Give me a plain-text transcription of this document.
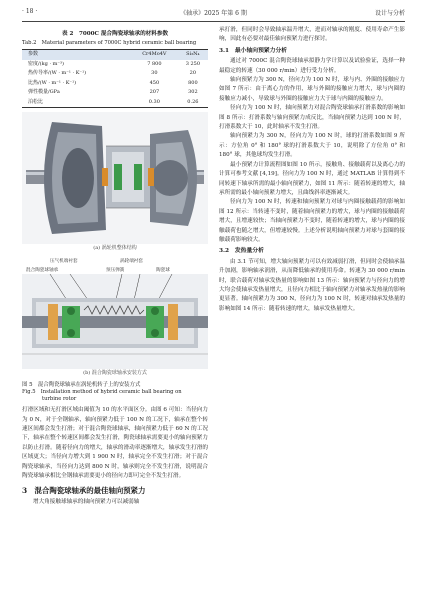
· 18 ·	《轴承》2025 年第 6 期	设计与分析
表 2　7000C 混合陶瓷球轴承的材料参数
Tab.2　Material parameters of 7000C hybrid ceramic ball bearing
参数	Cr4Mo4V	Si₃N₄
密度/(kg · m⁻³)	7 800	3 250
热传导率/(W · m⁻¹ · K⁻¹)	30	20
比热/(W · m⁻¹ · K⁻¹)	450	800
弹性模量/GPa	207	302
泊松比	0.30	0.26
(a) 涡轮机整体结构
压气机端衬套	涡轮端衬套
混合陶瓷球轴承	预压弹簧	陶瓷球
(b) 混合陶瓷球轴承安装方式
图 5　混合陶瓷球轴承在涡轮机转子上的安装方式
Fig.5　Installation method of hybrid ceramic ball bearing on
turbine rotor

打滑区域和无打滑区域由阈值为 10 的水平面区分。由图 6 可知：当径向力为 0 N，对于全钢轴承，轴向预紧力低于 100 N 的工况下，轴承在整个转速区间都会发生打滑；对于混合陶瓷球轴承，轴向预紧力低于 60 N 的工况下，轴承在整个转速区间都会发生打滑，陶瓷球轴承需要更小的轴向预紧力以防止打滑。随着径向力的增大，轴承的滑动率逐渐增大，轴承发生打滑的区域更大；当径向力增大到 1 900 N 时，轴承完全不发生打滑；对于混合陶瓷球轴承，当径向力达到 800 N 时，轴承则完全不发生打滑，说明混合陶瓷球轴承相比全钢轴承需要更小的径向力即可完全不发生打滑。

3　混合陶瓷球轴承的最佳轴向预紧力

增大角接触球轴承的轴向预紧力可以减弱轴

承打滑，但同时会导致轴承温升增大，进而对轴承的刚度、使用寿命产生影响，因此有必要对最佳轴向预紧力进行探讨。

3.1　最小轴向预紧力分析

通过对 7000C 混合陶瓷球轴承拟静力学计算以及试验验证，选择一种最稳定的转速（30 000 r/min）进行受力分析。

轴向预紧力为 300 N，径向力为 100 N 时，球与内、外圈的接触应力如图 7 所示：由于离心力的作用，球与外圈的接触应力增大，球与内圈的接触应力减小，导致球与外圈的接触应力大于球与内圈的接触应力。

径向力为 100 N 时，轴向预紧力对混合陶瓷球轴承打滑系数的影响如图 8 所示：打滑系数与轴向预紧力成反比，当轴向预紧力达到 100 N 时，打滑系数大于 10，此时轴承不发生打滑。

轴向预紧力为 300 N，径向力为 100 N 时，球的打滑系数如图 9 所示：方位角 0° 和 180° 球的打滑系数大于 10，说明除了方位角 0° 和 180° 球，其他球均发生打滑。

最小预紧力计算流程图如图 10 所示，接触角、接触载荷以及离心力的计算可参考文献 [4,19]。径向力为 100 N 时，通过 MATLAB 计算得到不同转速下轴承所需的最小轴向预紧力，如图 11 所示：随着转速的增大，轴承所需的最小轴向预紧力增大，且曲线斜率逐渐减大。

径向力为 100 N 时，转速和轴向预紧力对球与内圈接触载荷的影响如图 12 所示：当转速不变时，随着轴向预紧力的增大，球与内圈的接触载荷增大，且增速较快；当轴向预紧力不变时，随着转速的增大，球与内圈的接触载荷也随之增大，但增速较慢。上述分析说明轴向预紧力对球与套圈的接触载荷影响较大。

3.2　发热量分析

由 3.1 节可知，增大轴向预紧力可以有效减弱打滑，但同时会使轴承温升加剧，影响轴承润滑，从而降低轴承的使用寿命。转速为 30 000 r/min 时，联合载荷对轴承发热量的影响如图 13 所示：轴向预紧力与径向力的增大均会使轴承发热量增大，且径向力相比于轴向预紧力对轴承发热量的影响更显著。轴向预紧力为 300 N，径向力为 100 N 时，转速对轴承发热量的影响如图 14 所示：随着转速的增大，轴承发热量增大。
